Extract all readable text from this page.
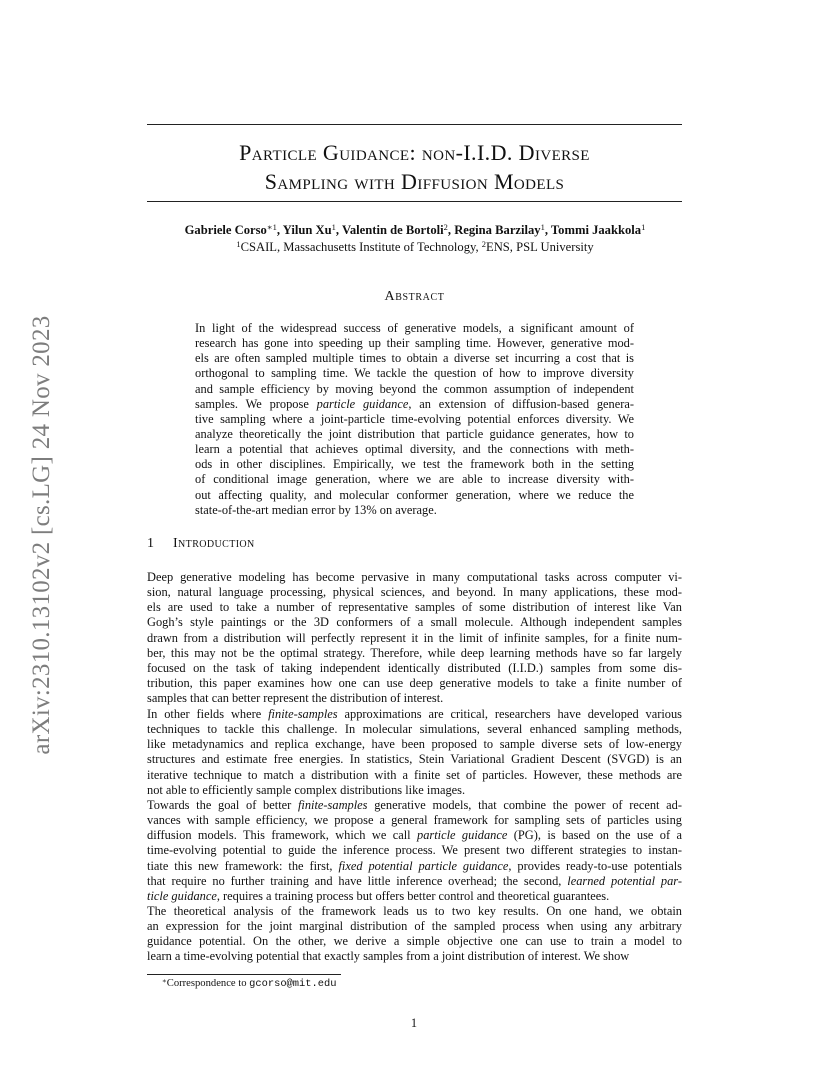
arXiv:2310.13102v2 [cs.LG] 24 Nov 2023
Particle Guidance: non-I.I.D. Diverse
Sampling with Diffusion Models
Gabriele Corso$^{∗1}$, Yilun Xu$^1$, Valentin de Bortoli$^2$, Regina Barzilay$^1$, Tommi Jaakkola$^1$
$^1$CSAIL, Massachusetts Institute of Technology, $^2$ENS, PSL University
Abstract
In light of the widespread success of generative models, a significant amount of
research has gone into speeding up their sampling time. However, generative mod-
els are often sampled multiple times to obtain a diverse set incurring a cost that is
orthogonal to sampling time. We tackle the question of how to improve diversity
and sample efficiency by moving beyond the common assumption of independent
samples. We propose particle guidance, an extension of diffusion-based genera-
tive sampling where a joint-particle time-evolving potential enforces diversity. We
analyze theoretically the joint distribution that particle guidance generates, how to
learn a potential that achieves optimal diversity, and the connections with meth-
ods in other disciplines. Empirically, we test the framework both in the setting
of conditional image generation, where we are able to increase diversity with-
out affecting quality, and molecular conformer generation, where we reduce the
state-of-the-art median error by 13% on average.
1 Introduction
Deep generative modeling has become pervasive in many computational tasks across computer vi-
sion, natural language processing, physical sciences, and beyond. In many applications, these mod-
els are used to take a number of representative samples of some distribution of interest like Van
Gogh’s style paintings or the 3D conformers of a small molecule. Although independent samples
drawn from a distribution will perfectly represent it in the limit of infinite samples, for a finite num-
ber, this may not be the optimal strategy. Therefore, while deep learning methods have so far largely
focused on the task of taking independent identically distributed (I.I.D.) samples from some dis-
tribution, this paper examines how one can use deep generative models to take a finite number of
samples that can better represent the distribution of interest.
In other fields where finite-samples approximations are critical, researchers have developed various
techniques to tackle this challenge. In molecular simulations, several enhanced sampling methods,
like metadynamics and replica exchange, have been proposed to sample diverse sets of low-energy
structures and estimate free energies. In statistics, Stein Variational Gradient Descent (SVGD) is an
iterative technique to match a distribution with a finite set of particles. However, these methods are
not able to efficiently sample complex distributions like images.
Towards the goal of better finite-samples generative models, that combine the power of recent ad-
vances with sample efficiency, we propose a general framework for sampling sets of particles using
diffusion models. This framework, which we call particle guidance (PG), is based on the use of a
time-evolving potential to guide the inference process. We present two different strategies to instan-
tiate this new framework: the first, fixed potential particle guidance, provides ready-to-use potentials
that require no further training and have little inference overhead; the second, learned potential par-
ticle guidance, requires a training process but offers better control and theoretical guarantees.
The theoretical analysis of the framework leads us to two key results. On one hand, we obtain
an expression for the joint marginal distribution of the sampled process when using any arbitrary
guidance potential. On the other, we derive a simple objective one can use to train a model to
learn a time-evolving potential that exactly samples from a joint distribution of interest. We show
∗Correspondence to gcorso@mit.edu
1
